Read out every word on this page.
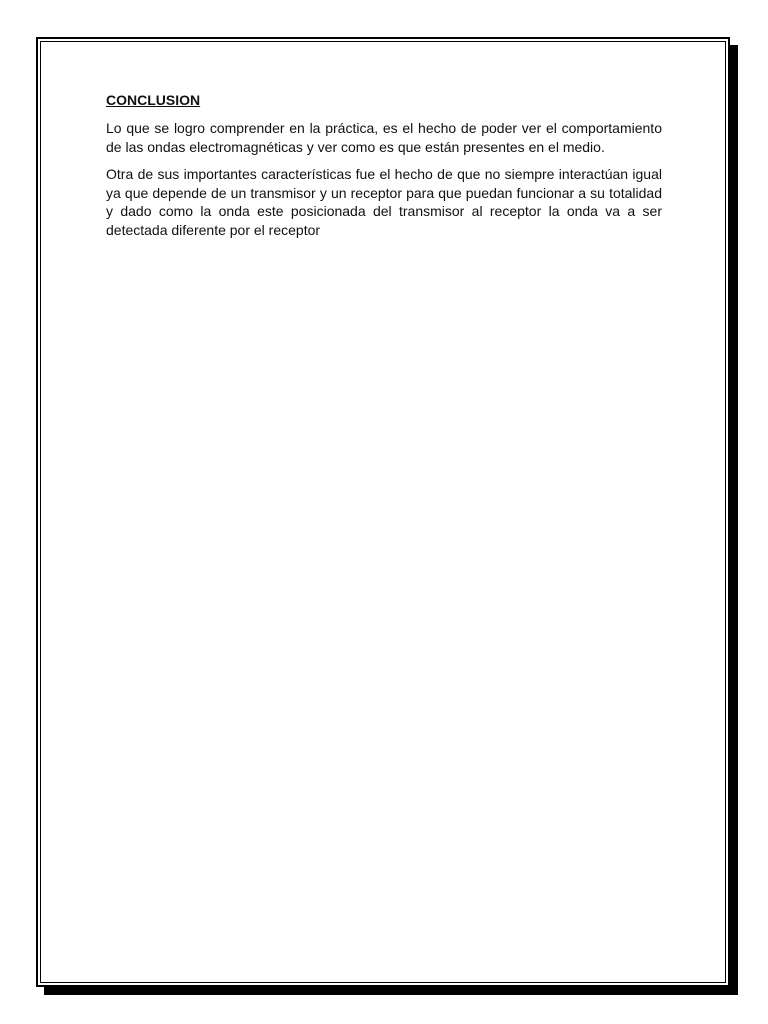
CONCLUSION

Lo que se logro comprender en la práctica, es el hecho de poder ver el comportamiento de las ondas electromagnéticas y ver como es que están presentes en el medio.

Otra de sus importantes características fue el hecho de que no siempre interactúan igual ya que depende de un transmisor y un receptor para que puedan funcionar a su totalidad y dado como la onda este posicionada del transmisor al receptor la onda va a ser detectada diferente por el receptor
